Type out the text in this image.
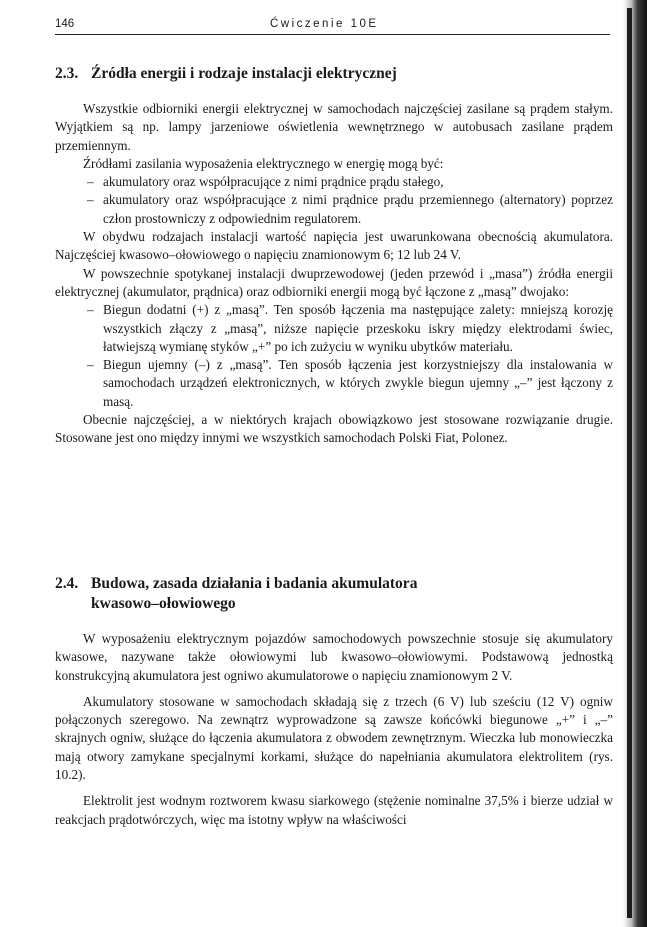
146	Ćwiczenie 10E
2.3. Źródła energii i rodzaje instalacji elektrycznej

Wszystkie odbiorniki energii elektrycznej w samochodach najczęściej zasilane są prądem stałym. Wyjątkiem są np. lampy jarzeniowe oświetlenia wewnętrznego w autobusach zasilane prądem przemiennym.

Źródłami zasilania wyposażenia elektrycznego w energię mogą być:

– akumulatory oraz współpracujące z nimi prądnice prądu stałego,
– akumulatory oraz współpracujące z nimi prądnice prądu przemiennego (alternatory) poprzez człon prostowniczy z odpowiednim regulatorem.

W obydwu rodzajach instalacji wartość napięcia jest uwarunkowana obecnością akumulatora. Najczęściej kwasowo–ołowiowego o napięciu znamionowym 6; 12 lub 24 V.

W powszechnie spotykanej instalacji dwuprzewodowej (jeden przewód i „masa”) źródła energii elektrycznej (akumulator, prądnica) oraz odbiorniki energii mogą być łączone z „masą” dwojako:

– Biegun dodatni (+) z „masą”. Ten sposób łączenia ma następujące zalety: mniejszą korozję wszystkich złączy z „masą”, niższe napięcie przeskoku iskry między elektrodami świec, łatwiejszą wymianę styków „+” po ich zużyciu w wyniku ubytków materiału.
– Biegun ujemny (–) z „masą”. Ten sposób łączenia jest korzystniejszy dla instalowania w samochodach urządzeń elektronicznych, w których zwykle biegun ujemny „–” jest łączony z masą.

Obecnie najczęściej, a w niektórych krajach obowiązkowo jest stosowane rozwiązanie drugie. Stosowane jest ono między innymi we wszystkich samochodach Polski Fiat, Polonez.

2.4. Budowa, zasada działania i badania akumulatora
kwasowo–ołowiowego

W wyposażeniu elektrycznym pojazdów samochodowych powszechnie stosuje się akumulatory kwasowe, nazywane także ołowiowymi lub kwasowo–ołowiowymi. Podstawową jednostką konstrukcyjną akumulatora jest ogniwo akumulatorowe o napięciu znamionowym 2 V.

Akumulatory stosowane w samochodach składają się z trzech (6 V) lub sześciu (12 V) ogniw połączonych szeregowo. Na zewnątrz wyprowadzone są zawsze końcówki biegunowe „+” i „–” skrajnych ogniw, służące do łączenia akumulatora z obwodem zewnętrznym. Wieczka lub monowieczka mają otwory zamykane specjalnymi korkami, służące do napełniania akumulatora elektrolitem (rys. 10.2).

Elektrolit jest wodnym roztworem kwasu siarkowego (stężenie nominalne 37,5% i bierze udział w reakcjach prądotwórczych, więc ma istotny wpływ na właściwości
